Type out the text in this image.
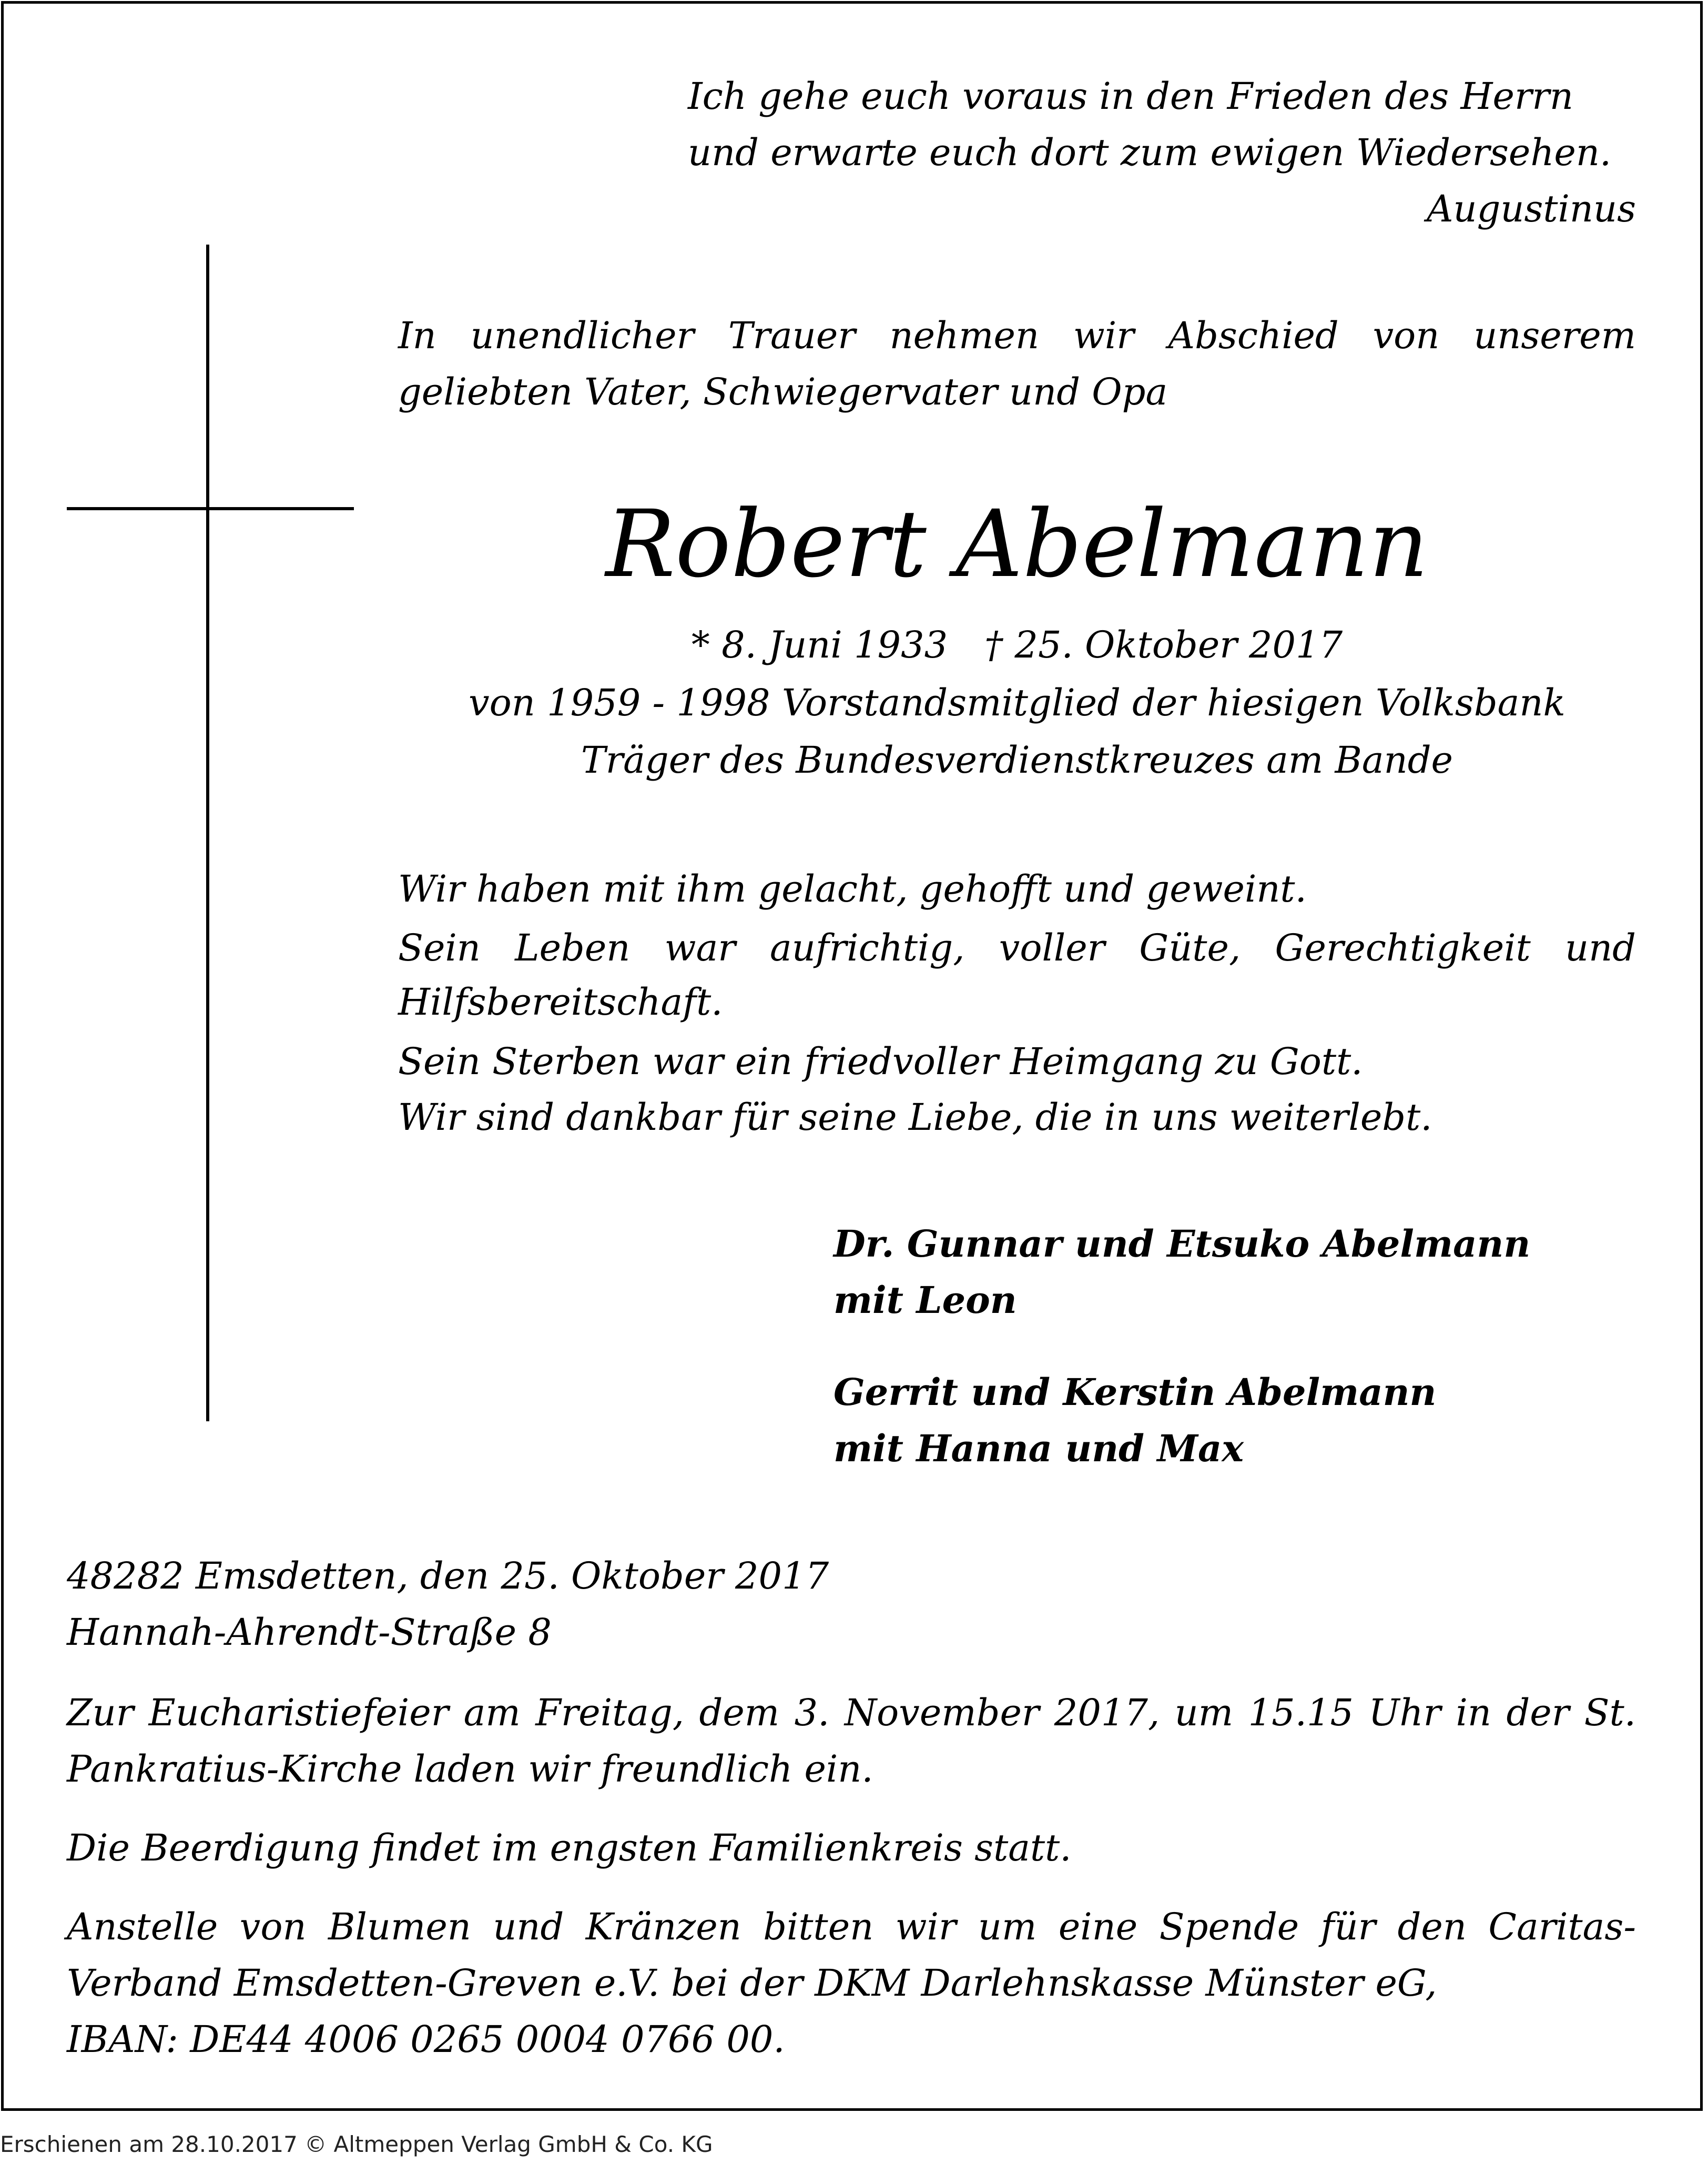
Ich gehe euch voraus in den Frieden des Herrn

und erwarte euch dort zum ewigen Wiedersehen.

Augustinus

In unendlicher Trauer nehmen wir Abschied von unserem

geliebten Vater, Schwiegervater und Opa

Robert Abelmann

* 8. Juni 1933 † 25. Oktober 2017

von 1959 - 1998 Vorstandsmitglied der hiesigen Volksbank

Träger des Bundesverdienstkreuzes am Bande

Wir haben mit ihm gelacht, gehofft und geweint.

Sein Leben war aufrichtig, voller Güte, Gerechtigkeit und

Hilfsbereitschaft.

Sein Sterben war ein friedvoller Heimgang zu Gott.

Wir sind dankbar für seine Liebe, die in uns weiterlebt.

Dr. Gunnar und Etsuko Abelmann

mit Leon

Gerrit und Kerstin Abelmann

mit Hanna und Max

48282 Emsdetten, den 25. Oktober 2017

Hannah-Ahrendt-Straße 8

Zur Eucharistiefeier am Freitag, dem 3. November 2017, um 15.15 Uhr in der St.

Pankratius-Kirche laden wir freundlich ein.

Die Beerdigung findet im engsten Familienkreis statt.

Anstelle von Blumen und Kränzen bitten wir um eine Spende für den Caritas-

Verband Emsdetten-Greven e.V. bei der DKM Darlehnskasse Münster eG,

IBAN: DE44 4006 0265 0004 0766 00.

Erschienen am 28.10.2017 © Altmeppen Verlag GmbH & Co. KG
